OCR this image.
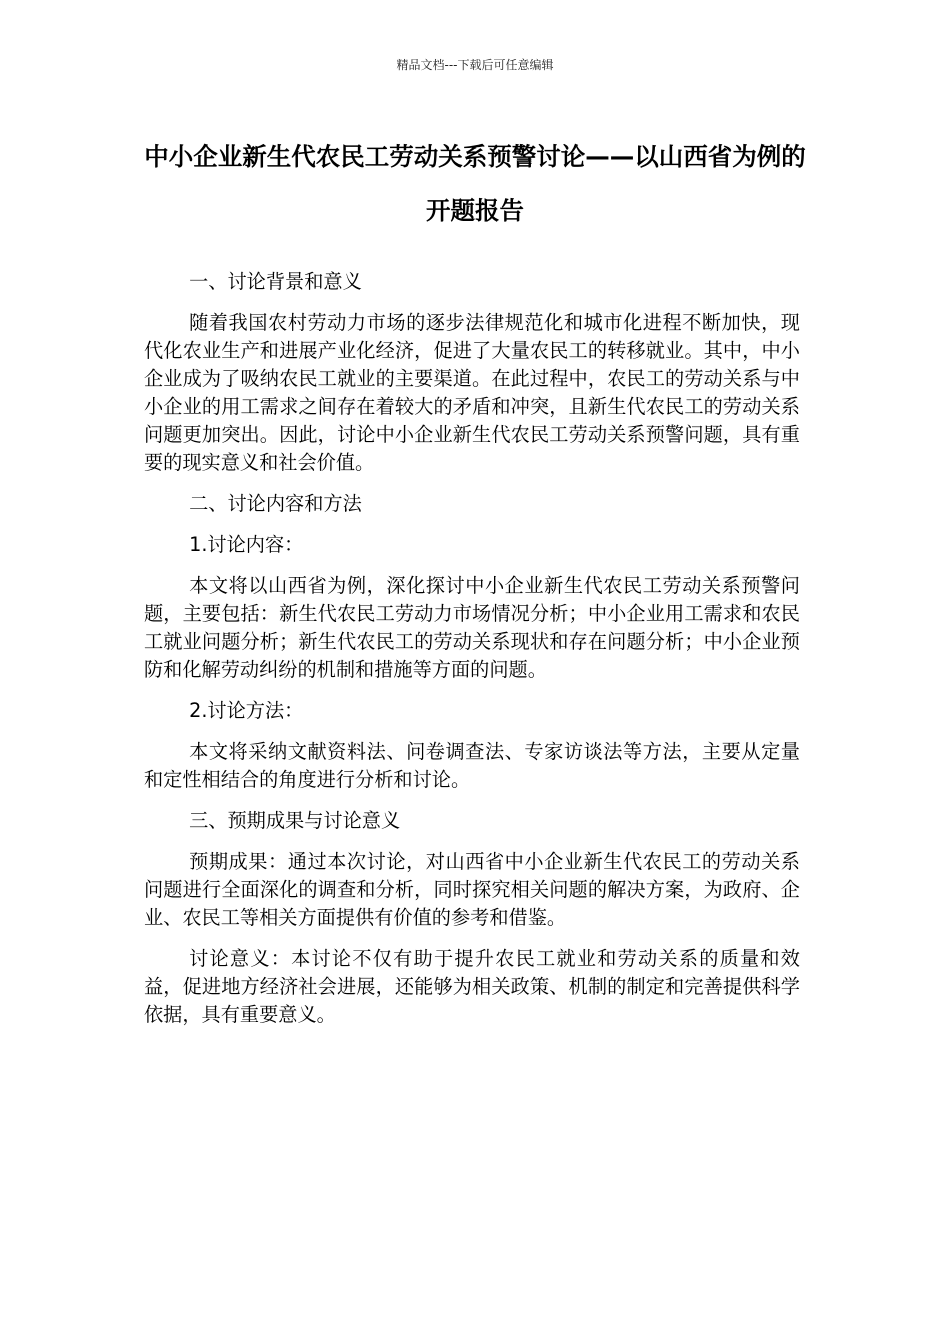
精品文档---下载后可任意编辑
中小企业新生代农民工劳动关系预警讨论——以山西省为例的开题报告

一、讨论背景和意义

随着我国农村劳动力市场的逐步法律规范化和城市化进程不断加快，现代化农业生产和进展产业化经济，促进了大量农民工的转移就业。其中，中小企业成为了吸纳农民工就业的主要渠道。在此过程中，农民工的劳动关系与中小企业的用工需求之间存在着较大的矛盾和冲突，且新生代农民工的劳动关系问题更加突出。因此，讨论中小企业新生代农民工劳动关系预警问题，具有重要的现实意义和社会价值。

二、讨论内容和方法

1.讨论内容：

本文将以山西省为例，深化探讨中小企业新生代农民工劳动关系预警问题，主要包括：新生代农民工劳动力市场情况分析；中小企业用工需求和农民工就业问题分析；新生代农民工的劳动关系现状和存在问题分析；中小企业预防和化解劳动纠纷的机制和措施等方面的问题。

2.讨论方法：

本文将采纳文献资料法、问卷调查法、专家访谈法等方法，主要从定量和定性相结合的角度进行分析和讨论。

三、预期成果与讨论意义

预期成果：通过本次讨论，对山西省中小企业新生代农民工的劳动关系问题进行全面深化的调查和分析，同时探究相关问题的解决方案，为政府、企业、农民工等相关方面提供有价值的参考和借鉴。

讨论意义：本讨论不仅有助于提升农民工就业和劳动关系的质量和效益，促进地方经济社会进展，还能够为相关政策、机制的制定和完善提供科学依据，具有重要意义。
